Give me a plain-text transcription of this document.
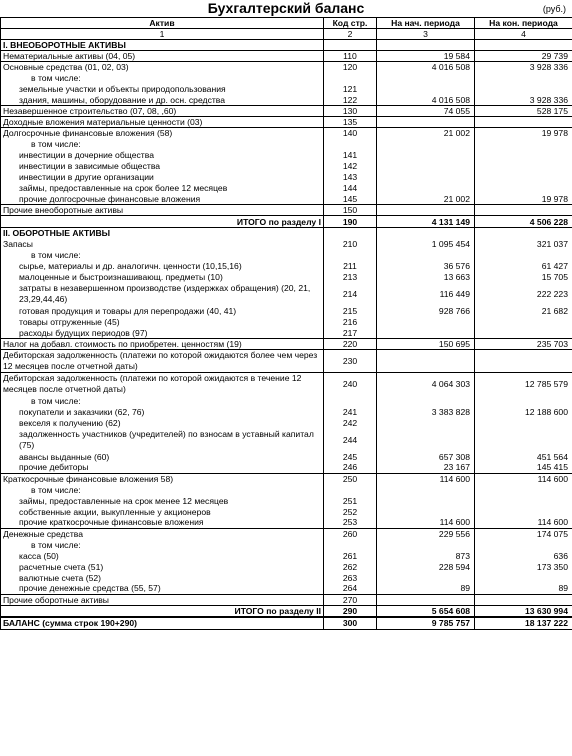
Бухгалтерский баланс	(руб.)
Актив	Код стр.	На нач. периода	На кон. периода
1	2	3	4
I. ВНЕОБОРОТНЫЕ АКТИВЫ			
Нематериальные активы (04, 05)	110	19 584	29 739
Основные средства (01, 02, 03)	120	4 016 508	3 928 336
в том числе:			
земельные участки и объекты природопользования	121		
здания, машины, оборудование и др. осн. средства	122	4 016 508	3 928 336
Незавершенное строительство (07, 08, ,60)	130	74 055	528 175
Доходные вложения материальные ценности (03)	135		
Долгосрочные финансовые вложения (58)	140	21 002	19 978
в том числе:			
инвестиции в дочерние общества	141		
инвестиции в зависимые общества	142		
инвестиции в другие организации	143		
займы, предоставленные на срок более 12 месяцев	144		
прочие долгосрочные финансовые вложения	145	21 002	19 978
Прочие внеоборотные активы	150		
ИТОГО по разделу I	190	4 131 149	4 506 228
II. ОБОРОТНЫЕ АКТИВЫ			
Запасы	210	1 095 454	321 037
в том числе:			
сырье, материалы и др. аналогичн. ценности (10,15,16)	211	36 576	61 427
малоценные и быстроизнашивающ. предметы (10)	213	13 663	15 705
затраты в незавершенном производстве (издержках обращения) (20, 21, 23,29,44,46)	214	116 449	222 223
готовая продукция и товары для перепродажи (40, 41)	215	928 766	21 682
товары отгруженные (45)	216		
расходы будущих периодов (97)	217		
Налог на добавл. стоимость по приобретен. ценностям (19)	220	150 695	235 703
Дебиторская задолженность (платежи по которой ожидаются более чем через 12 месяцев после отчетной даты)	230		
Дебиторская задолженность (платежи по которой ожидаются в течение 12 месяцев после отчетной даты)	240	4 064 303	12 785 579
в том числе:			
покупатели и заказчики (62, 76)	241	3 383 828	12 188 600
векселя к получению (62)	242		
задолженность участников (учредителей) по взносам в уставный капитал (75)	244		
авансы выданные (60)	245	657 308	451 564
прочие дебиторы	246	23 167	145 415
Краткосрочные финансовые вложения 58)	250	114 600	114 600
в том числе:			
займы, предоставленные на срок менее 12 месяцев	251		
собственные акции, выкупленные у акционеров	252		
прочие краткосрочные финансовые вложения	253	114 600	114 600
Денежные средства	260	229 556	174 075
в том числе:			
касса (50)	261	873	636
расчетные счета (51)	262	228 594	173 350
валютные счета (52)	263		
прочие денежные средства (55, 57)	264	89	89
Прочие оборотные активы	270		
ИТОГО по разделу II	290	5 654 608	13 630 994
БАЛАНС (сумма строк 190+290)	300	9 785 757	18 137 222
